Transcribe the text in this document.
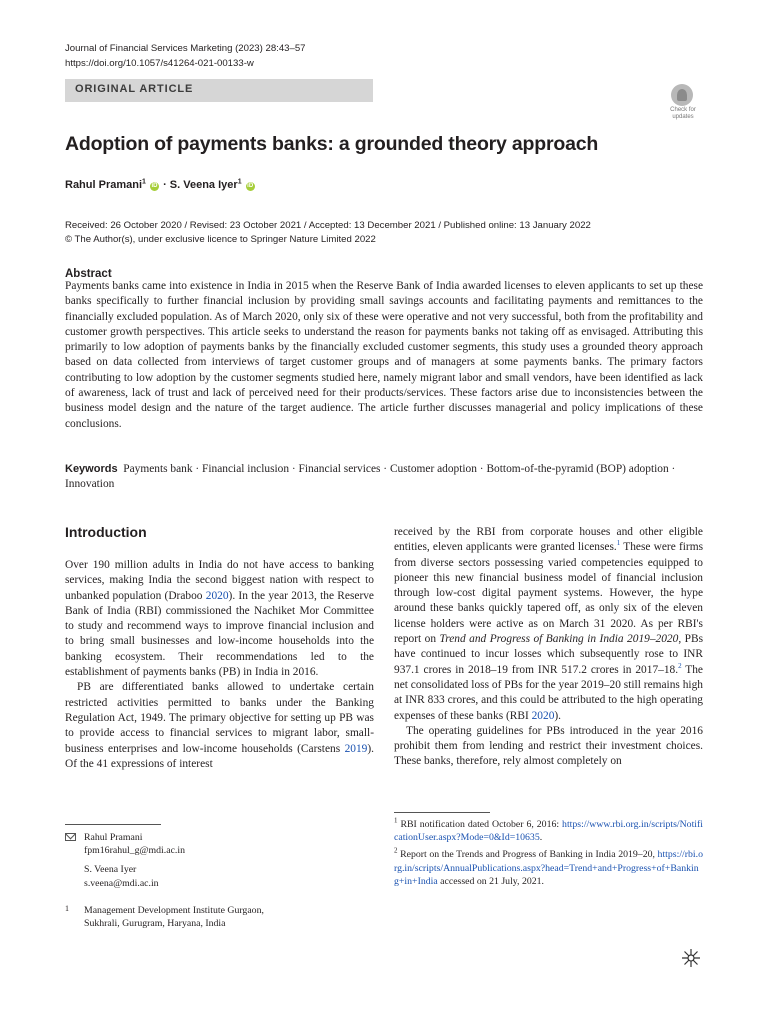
Journal of Financial Services Marketing (2023) 28:43–57
https://doi.org/10.1057/s41264-021-00133-w
ORIGINAL ARTICLE
Check for updates
Adoption of payments banks: a grounded theory approach
Rahul Pramani$^1$ iD · S. Veena Iyer$^1$ iD
Received: 26 October 2020 / Revised: 23 October 2021 / Accepted: 13 December 2021 / Published online: 13 January 2022
© The Author(s), under exclusive licence to Springer Nature Limited 2022
Abstract
Payments banks came into existence in India in 2015 when the Reserve Bank of India awarded licenses to eleven applicants to set up these banks specifically to further financial inclusion by providing small savings accounts and facilitating payments and remittances to the financially excluded population. As of March 2020, only six of these were operative and not very successful, both from the profitability and customer growth perspectives. This article seeks to understand the reason for payments banks not taking off as envisaged. Attributing this primarily to low adoption of payments banks by the financially excluded customer segments, this study uses a grounded theory approach based on data collected from interviews of target customer groups and of managers at some payments banks. The primary factors contributing to low adoption by the customer segments studied here, namely migrant labor and small vendors, have been identified as lack of awareness, lack of trust and lack of perceived need for their products/services. These factors arise due to inconsistencies between the business model design and the nature of the target audience. The article further discusses managerial and policy implications of these conclusions.
Keywords Payments bank · Financial inclusion · Financial services · Customer adoption · Bottom-of-the-pyramid (BOP) adoption · Innovation
Introduction

Over 190 million adults in India do not have access to banking services, making India the second biggest nation with respect to unbanked population (Draboo 2020). In the year 2013, the Reserve Bank of India (RBI) commissioned the Nachiket Mor Committee to study and recommend ways to improve financial inclusion and to bring small businesses and low-income households into the banking ecosystem. Their recommendations led to the establishment of payments banks (PB) in India in 2016.

PB are differentiated banks allowed to undertake certain restricted activities permitted to banks under the Banking Regulation Act, 1949. The primary objective for setting up PB was to provide access to financial services to migrant labor, small-business enterprises and low-income households (Carstens 2019). Of the 41 expressions of interest

received by the RBI from corporate houses and other eligible entities, eleven applicants were granted licenses.$^1$ These were firms from diverse sectors possessing varied competencies equipped to pioneer this new financial business model of financial inclusion through low-cost digital payment systems. However, the hype around these banks quickly tapered off, as only six of the eleven license holders were active as on March 31 2020. As per RBI's report on Trend and Progress of Banking in India 2019–2020, PBs have continued to incur losses which subsequently rose to INR 937.1 crores in 2018–19 from INR 517.2 crores in 2017–18.$^2$ The net consolidated loss of PBs for the year 2019–20 still remains high at INR 833 crores, and this could be attributed to the high operating expenses of these banks (RBI 2020).

The operating guidelines for PBs introduced in the year 2016 prohibit them from lending and restrict their investment choices. These banks, therefore, rely almost completely on

Rahul Pramani
fpm16rahul_g@mdi.ac.in
S. Veena Iyer
s.veena@mdi.ac.in
1 Management Development Institute Gurgaon,
Sukhrali, Gurugram, Haryana, India

$^1$ RBI notification dated October 6, 2016: https://www.rbi.org.in/scripts/NotificationUser.aspx?Mode=0&Id=10635.

$^2$ Report on the Trends and Progress of Banking in India 2019–20, https://rbi.org.in/scripts/AnnualPublications.aspx?head=Trend+and+Progress+of+Banking+in+India accessed on 21 July, 2021.
